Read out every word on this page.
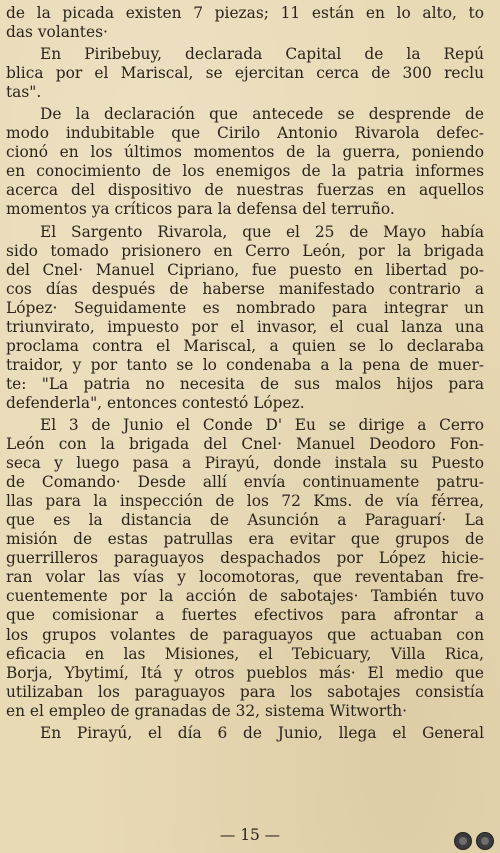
de la picada existen 7 piezas; 11 están en lo alto, to
das volantes·
En Piribebuy, declarada Capital de la Repú
blica por el Mariscal, se ejercitan cerca de 300 reclu
tas".
De la declaración que antecede se desprende de
modo indubitable que Cirilo Antonio Rivarola defec-
cionó en los últimos momentos de la guerra, poniendo
en conocimiento de los enemigos de la patria informes
acerca del dispositivo de nuestras fuerzas en aquellos
momentos ya críticos para la defensa del terruño.
El Sargento Rivarola, que el 25 de Mayo había
sido tomado prisionero en Cerro León, por la brigada
del Cnel· Manuel Cipriano, fue puesto en libertad po-
cos días después de haberse manifestado contrario a
López· Seguidamente es nombrado para integrar un
triunvirato, impuesto por el invasor, el cual lanza una
proclama contra el Mariscal, a quien se lo declaraba
traidor, y por tanto se lo condenaba a la pena de muer-
te: "La patria no necesita de sus malos hijos para
defenderla", entonces contestó López.
El 3 de Junio el Conde D' Eu se dirige a Cerro
León con la brigada del Cnel· Manuel Deodoro Fon-
seca y luego pasa a Pirayú, donde instala su Puesto
de Comando· Desde allí envía continuamente patru-
llas para la inspección de los 72 Kms. de vía férrea,
que es la distancia de Asunción a Paraguarí· La
misión de estas patrullas era evitar que grupos de
guerrilleros paraguayos despachados por López hicie-
ran volar las vías y locomotoras, que reventaban fre-
cuentemente por la acción de sabotajes· También tuvo
que comisionar a fuertes efectivos para afrontar a
los grupos volantes de paraguayos que actuaban con
eficacia en las Misiones, el Tebicuary, Villa Rica,
Borja, Ybytimí, Itá y otros pueblos más· El medio que
utilizaban los paraguayos para los sabotajes consistía
en el empleo de granadas de 32, sistema Witworth·
En Pirayú, el día 6 de Junio, llega el General
— 15 —
